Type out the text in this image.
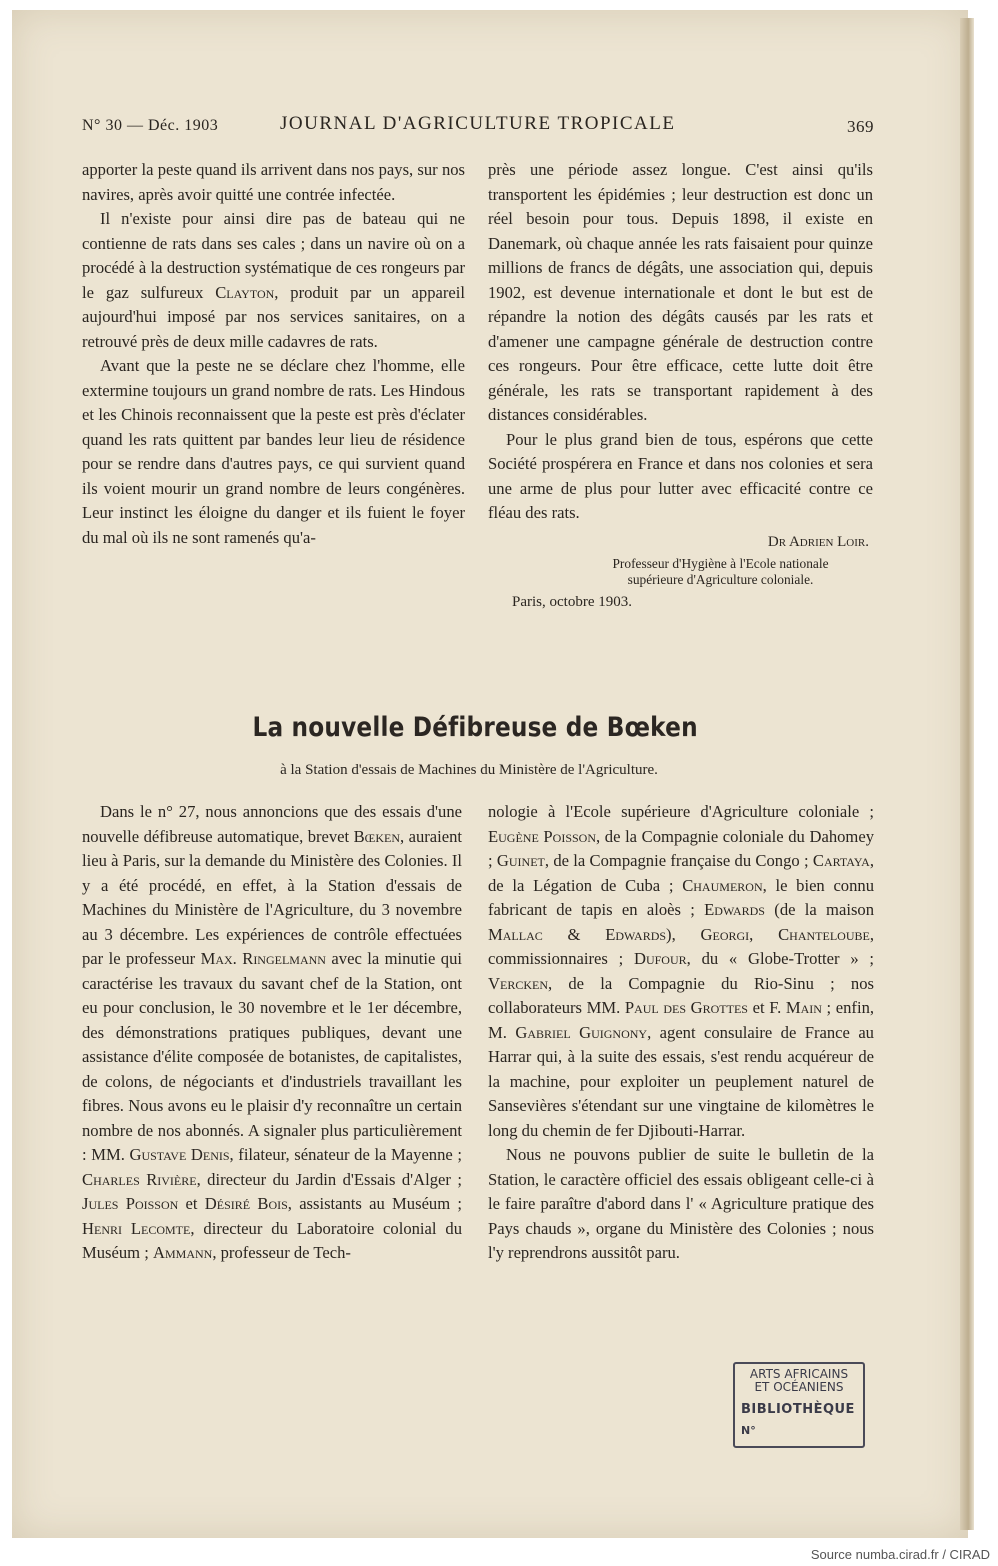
N° 30 — Déc. 1903	JOURNAL D'AGRICULTURE TROPICALE	369

apporter la peste quand ils arrivent dans nos pays, sur nos navires, après avoir quitté une contrée infectée.

Il n'existe pour ainsi dire pas de bateau qui ne contienne de rats dans ses cales ; dans un navire où on a procédé à la destruction systématique de ces rongeurs par le gaz sulfureux Clayton, produit par un appareil aujourd'hui imposé par nos services sanitaires, on a retrouvé près de deux mille cadavres de rats.

Avant que la peste ne se déclare chez l'homme, elle extermine toujours un grand nombre de rats. Les Hindous et les Chinois reconnaissent que la peste est près d'éclater quand les rats quittent par bandes leur lieu de résidence pour se rendre dans d'autres pays, ce qui survient quand ils voient mourir un grand nombre de leurs congénères. Leur instinct les éloigne du danger et ils fuient le foyer du mal où ils ne sont ramenés qu'a-

près une période assez longue. C'est ainsi qu'ils transportent les épidémies ; leur destruction est donc un réel besoin pour tous. Depuis 1898, il existe en Danemark, où chaque année les rats faisaient pour quinze millions de francs de dégâts, une association qui, depuis 1902, est devenue internationale et dont le but est de répandre la notion des dégâts causés par les rats et d'amener une campagne générale de destruction contre ces rongeurs. Pour être efficace, cette lutte doit être générale, les rats se transportant rapidement à des distances considérables.

Pour le plus grand bien de tous, espérons que cette Société prospérera en France et dans nos colonies et sera une arme de plus pour lutter avec efficacité contre ce fléau des rats.

Dr Adrien Loir.
Professeur d'Hygiène à l'Ecole nationale
supérieure d'Agriculture coloniale.
Paris, octobre 1903.
La nouvelle Défibreuse de Bœken
à la Station d'essais de Machines du Ministère de l'Agriculture.

Dans le n° 27, nous annoncions que des essais d'une nouvelle défibreuse automatique, brevet Bœken, auraient lieu à Paris, sur la demande du Ministère des Colonies. Il y a été procédé, en effet, à la Station d'essais de Machines du Ministère de l'Agriculture, du 3 novembre au 3 décembre. Les expériences de contrôle effectuées par le professeur Max. Ringelmann avec la minutie qui caractérise les travaux du savant chef de la Station, ont eu pour conclusion, le 30 novembre et le 1er décembre, des démonstrations pratiques publiques, devant une assistance d'élite composée de botanistes, de capitalistes, de colons, de négociants et d'industriels travaillant les fibres. Nous avons eu le plaisir d'y reconnaître un certain nombre de nos abonnés. A signaler plus particulièrement : MM. Gustave Denis, filateur, sénateur de la Mayenne ; Charles Rivière, directeur du Jardin d'Essais d'Alger ; Jules Poisson et Désiré Bois, assistants au Muséum ; Henri Lecomte, directeur du Laboratoire colonial du Muséum ; Ammann, professeur de Tech-

nologie à l'Ecole supérieure d'Agriculture coloniale ; Eugène Poisson, de la Compagnie coloniale du Dahomey ; Guinet, de la Compagnie française du Congo ; Cartaya, de la Légation de Cuba ; Chaumeron, le bien connu fabricant de tapis en aloès ; Edwards (de la maison Mallac & Edwards), Georgi, Chanteloube, commissionnaires ; Dufour, du « Globe-Trotter » ; Vercken, de la Compagnie du Rio-Sinu ; nos collaborateurs MM. Paul des Grottes et F. Main ; enfin, M. Gabriel Guignony, agent consulaire de France au Harrar qui, à la suite des essais, s'est rendu acquéreur de la machine, pour exploiter un peuplement naturel de Sansevières s'étendant sur une vingtaine de kilomètres le long du chemin de fer Djibouti-Harrar.

Nous ne pouvons publier de suite le bulletin de la Station, le caractère officiel des essais obligeant celle-ci à le faire paraître d'abord dans l' « Agriculture pratique des Pays chauds », organe du Ministère des Colonies ; nous l'y reprendrons aussitôt paru.

ARTS AFRICAINS
ET OCÉANIENS
BIBLIOTHÈQUE
N°
Source numba.cirad.fr / CIRAD
